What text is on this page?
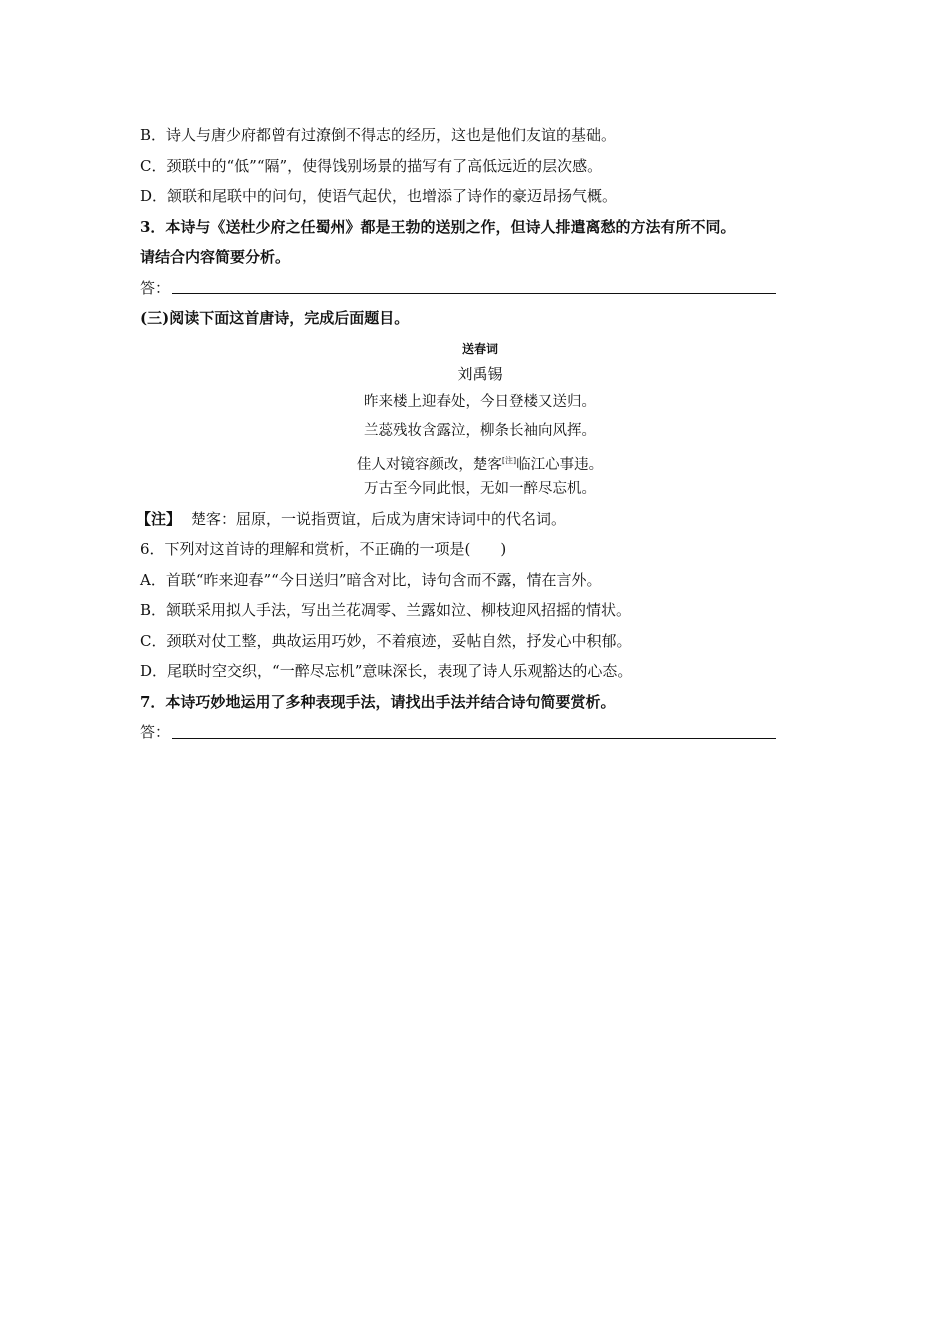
B．诗人与唐少府都曾有过潦倒不得志的经历，这也是他们友谊的基础。
C．颈联中的“低”“隔”，使得饯别场景的描写有了高低远近的层次感。
D．颔联和尾联中的问句，使语气起伏，也增添了诗作的豪迈昂扬气概。
3．本诗与《送杜少府之任蜀州》都是王勃的送别之作，但诗人排遣离愁的方法有所不同。
请结合内容简要分析。
答：
(三)阅读下面这首唐诗，完成后面题目。
送春词
刘禹锡
昨来楼上迎春处，今日登楼又送归。
兰蕊残妆含露泣，柳条长袖向风挥。
佳人对镜容颜改，楚客[注]临江心事违。
万古至今同此恨，无如一醉尽忘机。
【注】 楚客：屈原，一说指贾谊，后成为唐宋诗词中的代名词。
6．下列对这首诗的理解和赏析，不正确的一项是(　　)
A．首联“昨来迎春”“今日送归”暗含对比，诗句含而不露，情在言外。
B．颔联采用拟人手法，写出兰花凋零、兰露如泣、柳枝迎风招摇的情状。
C．颈联对仗工整，典故运用巧妙，不着痕迹，妥帖自然，抒发心中积郁。
D．尾联时空交织，“一醉尽忘机”意味深长，表现了诗人乐观豁达的心态。
7．本诗巧妙地运用了多种表现手法，请找出手法并结合诗句简要赏析。
答：
